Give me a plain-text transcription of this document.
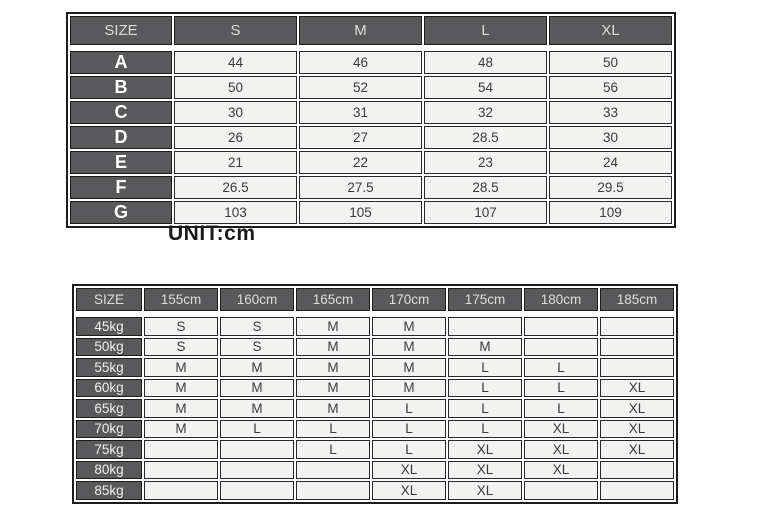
SIZE	S	M	L	XL

A	44	46	48	50
B	50	52	54	56
C	30	31	32	33
D	26	27	28.5	30
E	21	22	23	24
F	26.5	27.5	28.5	29.5
G	103	105	107	109
UNIT:cm
SIZE	155cm	160cm	165cm	170cm	175cm	180cm	185cm

45kg	S	S	M	M			
50kg	S	S	M	M	M		
55kg	M	M	M	M	L	L	
60kg	M	M	M	M	L	L	XL
65kg	M	M	M	L	L	L	XL
70kg	M	L	L	L	L	XL	XL
75kg			L	L	XL	XL	XL
80kg				XL	XL	XL	
85kg				XL	XL		
